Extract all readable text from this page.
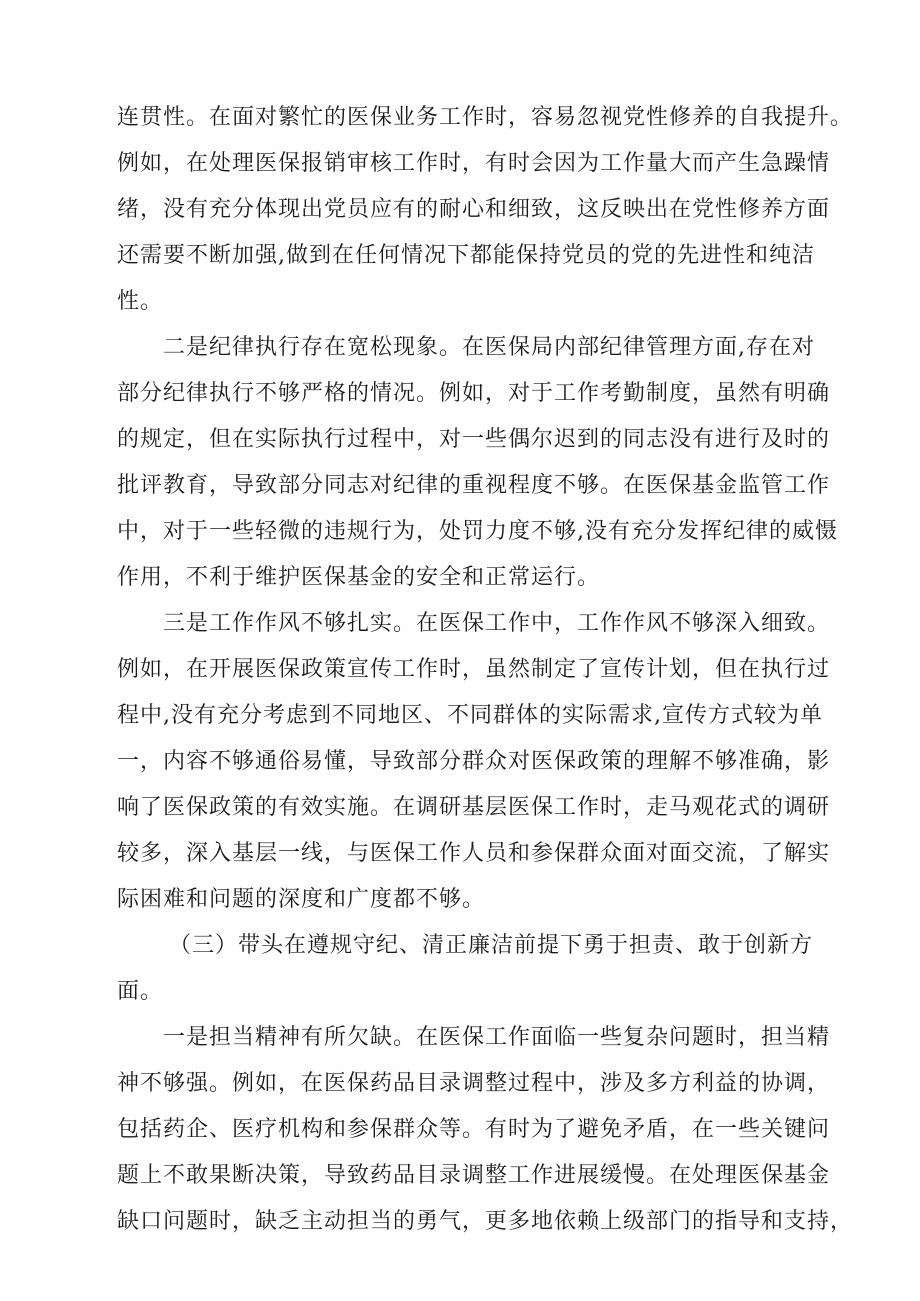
连贯性。在面对繁忙的医保业务工作时，容易忽视党性修养的自我提升。
例如，在处理医保报销审核工作时，有时会因为工作量大而产生急躁情
绪，没有充分体现出党员应有的耐心和细致，这反映出在党性修养方面
还需要不断加强,做到在任何情况下都能保持党员的党的先进性和纯洁
性。
二是纪律执行存在宽松现象。在医保局内部纪律管理方面,存在对
部分纪律执行不够严格的情况。例如，对于工作考勤制度，虽然有明确
的规定，但在实际执行过程中，对一些偶尔迟到的同志没有进行及时的
批评教育，导致部分同志对纪律的重视程度不够。在医保基金监管工作
中，对于一些轻微的违规行为，处罚力度不够,没有充分发挥纪律的威慑
作用，不利于维护医保基金的安全和正常运行。
三是工作作风不够扎实。在医保工作中，工作作风不够深入细致。
例如，在开展医保政策宣传工作时，虽然制定了宣传计划，但在执行过
程中,没有充分考虑到不同地区、不同群体的实际需求,宣传方式较为单
一，内容不够通俗易懂，导致部分群众对医保政策的理解不够准确，影
响了医保政策的有效实施。在调研基层医保工作时，走马观花式的调研
较多，深入基层一线，与医保工作人员和参保群众面对面交流，了解实
际困难和问题的深度和广度都不够。
（三）带头在遵规守纪、清正廉洁前提下勇于担责、敢于创新方
面。
一是担当精神有所欠缺。在医保工作面临一些复杂问题时，担当精
神不够强。例如，在医保药品目录调整过程中，涉及多方利益的协调，
包括药企、医疗机构和参保群众等。有时为了避免矛盾，在一些关键问
题上不敢果断决策，导致药品目录调整工作进展缓慢。在处理医保基金
缺口问题时，缺乏主动担当的勇气，更多地依赖上级部门的指导和支持，
